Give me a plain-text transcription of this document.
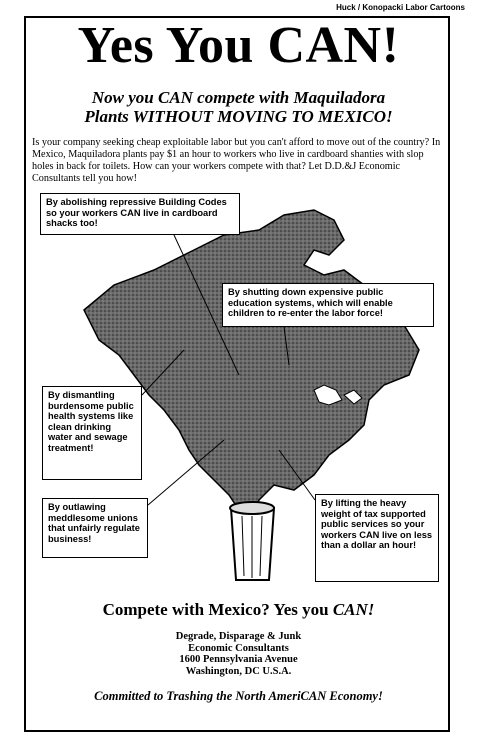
Huck / Konopacki Labor Cartoons
Yes You CAN!
Now you CAN compete with Maquiladora
Plants WITHOUT MOVING TO MEXICO!
Is your company seeking cheap exploitable labor but you can't afford to move out of the country? In Mexico, Maquiladora plants pay $1 an hour to workers who live in cardboard shanties with slop holes in back for toilets. How can your workers compete with that? Let D.D.&J Economic Consultants tell you how!
By abolishing repressive Building Codes so your workers CAN live in cardboard shacks too!
By shutting down expensive public education systems, which will enable children to re-enter the labor force!
By dismantling burdensome public health systems like clean drinking water and sewage treatment!
By outlawing meddlesome unions that unfairly regulate business!
By lifting the heavy weight of tax supported public services so your workers CAN live on less than a dollar an hour!
Compete with Mexico? Yes you CAN!
Degrade, Disparage & Junk
Economic Consultants
1600 Pennsylvania Avenue
Washington, DC U.S.A.
Committed to Trashing the North AmeriCAN Economy!
